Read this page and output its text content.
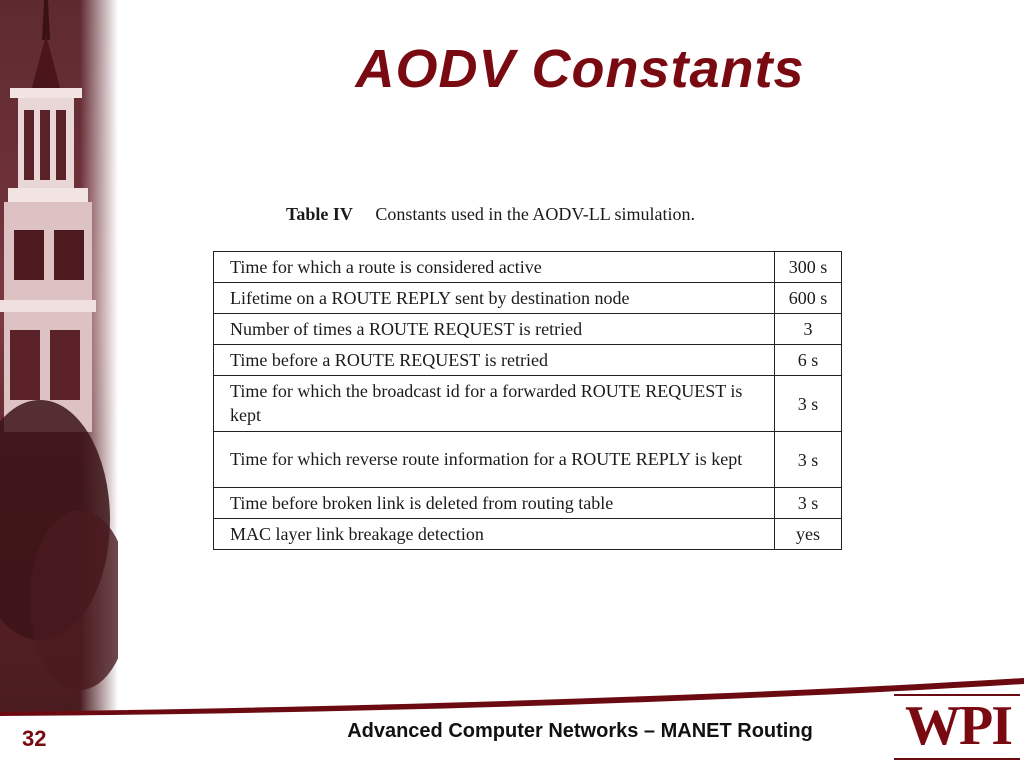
AODV Constants
Table IV Constants used in the AODV-LL simulation.
Time for which a route is considered active	300 s
Lifetime on a ROUTE REPLY sent by destination node	600 s
Number of times a ROUTE REQUEST is retried	3
Time before a ROUTE REQUEST is retried	6 s
Time for which the broadcast id for a forwarded ROUTE REQUEST is kept	3 s
Time for which reverse route information for a ROUTE REPLY is kept	3 s
Time before broken link is deleted from routing table	3 s
MAC layer link breakage detection	yes
32	Advanced Computer Networks – MANET Routing	WPI
